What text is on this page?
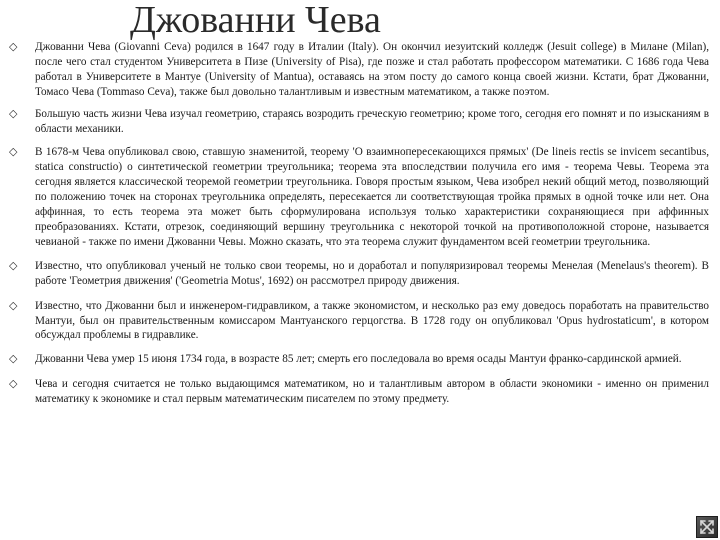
Джованни Чева
◇	Джованни Чева (Giovanni Ceva) родился в 1647 году в Италии (Italy). Он окончил иезуитский колледж (Jesuit college) в Милане (Milan), после чего стал студентом Университета в Пизе (University of Pisa), где позже и стал работать профессором математики. С 1686 года Чева работал в Университете в Мантуе (University of Mantua), оставаясь на этом посту до самого конца своей жизни. Кстати, брат Джованни, Томасо Чева (Tommaso Ceva), также был довольно талантливым и известным математиком, а также поэтом.
◇	Большую часть жизни Чева изучал геометрию, стараясь возродить греческую геометрию; кроме того, сегодня его помнят и по изысканиям в области механики.
◇	В 1678-м Чева опубликовал свою, ставшую знаменитой, теорему 'О взаимнопересекающихся прямых' (De lineis rectis se invicem secantibus, statica constructio) о синтетической геометрии треугольника; теорема эта впоследствии получила его имя - теорема Чевы. Теорема эта сегодня является классической теоремой геометрии треугольника. Говоря простым языком, Чева изобрел некий общий метод, позволяющий по положению точек на сторонах треугольника определять, пересекается ли соответствующая тройка прямых в одной точке или нет. Она аффинная, то есть теорема эта может быть сформулирована используя только характеристики сохраняющиеся при аффинных преобразованиях. Кстати, отрезок, соединяющий вершину треугольника с некоторой точкой на противоположной стороне, называется чевианой - также по имени Джованни Чевы. Можно сказать, что эта теорема служит фундаментом всей геометрии треугольника.
◇	Известно, что опубликовал ученый не только свои теоремы, но и доработал и популяризировал теоремы Менелая (Menelaus's theorem). В работе 'Геометрия движения' ('Geometria Motus', 1692) он рассмотрел природу движения.
◇	Известно, что Джованни был и инженером-гидравликом, а также экономистом, и несколько раз ему доведось поработать на правительство Мантуи, был он правительственным комиссаром Мантуанского герцогства. В 1728 году он опубликовал 'Opus hydrostaticum', в котором обсуждал проблемы в гидравлике.
◇	Джованни Чева умер 15 июня 1734 года, в возрасте 85 лет; смерть его последовала во время осады Мантуи франко-сардинской армией.
◇	Чева и сегодня считается не только выдающимся математиком, но и талантливым автором в области экономики - именно он применил математику к экономике и стал первым математическим писателем по этому предмету.
